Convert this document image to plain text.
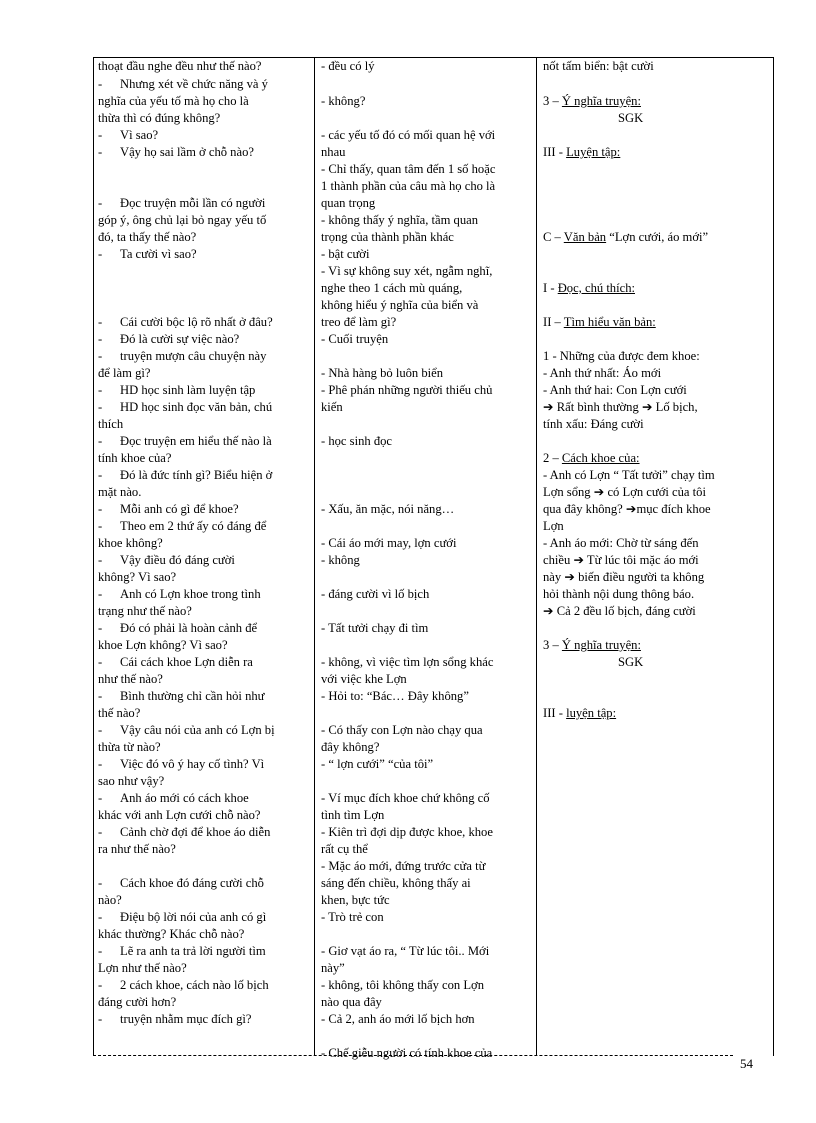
thoạt đầu nghe đều như thế nào?
- Nhưng xét về chức năng và ý
nghĩa của yếu tố mà họ cho là
thừa thì có đúng không?
- Vì sao?
- Vậy họ sai lầm ở chỗ nào?
- Đọc truyện mỗi lần có người
góp ý, ông chủ lại bỏ ngay yếu tố
đó, ta thấy thế nào?
- Ta cười vì sao?
- Cái cười bộc lộ rõ nhất ở đâu?
- Đó là cười sự việc nào?
- truyện mượn câu chuyện này
để làm gì?
- HD học sinh làm luyện tập
- HD học sinh đọc văn bản, chú
thích
- Đọc truyện em hiểu thế nào là
tính khoe của?
- Đó là đức tính gì? Biểu hiện ở
mặt nào.
- Mỗi anh có gì để khoe?
- Theo em 2 thứ ấy có đáng để
khoe không?
- Vậy điều đó đáng cười
không? Vì sao?
- Anh có Lợn khoe trong tình
trạng như thế nào?
- Đó có phải là hoàn cảnh để
khoe Lợn không? Vì sao?
- Cái cách khoe Lợn diễn ra
như thế nào?
- Bình thường chỉ cần hỏi như
thế nào?
- Vậy câu nói của anh có Lợn bị
thừa từ nào?
- Việc đó vô ý hay cố tình? Vì
sao như vậy?
- Anh áo mới có cách khoe
khác với anh Lợn cưới chỗ nào?
- Cảnh chờ đợi để khoe áo diễn
ra như thế nào?
- Cách khoe đó đáng cười chỗ
nào?
- Điệu bộ lời nói của anh có gì
khác thường? Khác chỗ nào?
- Lẽ ra anh ta trả lời người tìm
Lợn như thế nào?
- 2 cách khoe, cách nào lố bịch
đáng cười hơn?
- truyện nhằm mục đích gì?
- đều có lý
- không?
- các yếu tố đó có mối quan hệ với
nhau
- Chỉ thấy, quan tâm đến 1 số hoặc
1 thành phần của câu mà họ cho là
quan trọng
- không thấy ý nghĩa, tầm quan
trọng của thành phần khác
- bật cười
- Vì sự không suy xét, ngẫm nghĩ,
nghe theo 1 cách mù quáng,
không hiểu ý nghĩa của biển và
treo để làm gì?
- Cuối truyện
- Nhà hàng bỏ luôn biển
- Phê phán những người thiếu chủ
kiến
- học sinh đọc
- Xấu, ăn mặc, nói năng…
- Cái áo mới may, lợn cưới
- không
- đáng cười vì lố bịch
- Tất tưởi chạy đi tìm
- không, vì việc tìm lợn sổng khác
với việc khe Lợn
- Hỏi to: “Bác… Đây không”
- Có thấy con Lợn nào chạy qua
đây không?
- “ lợn cưới” “của tôi”
- Ví mục đích khoe chứ không cố
tình tìm Lợn
- Kiên trì đợi dịp được khoe, khoe
rất cụ thể
- Mặc áo mới, đứng trước cửa từ
sáng đến chiều, không thấy ai
khen, bực tức
- Trò trẻ con
- Giơ vạt áo ra, “ Từ lúc tôi.. Mới
này”
- không, tôi không thấy con Lợn
nào qua đây
- Cả 2, anh áo mới lố bịch hơn
- Chế giễu người có tính khoe của
nốt tấm biển: bật cười
3 – Ý nghĩa truyện:
SGK
III - Luyện tập:
C – Văn bản “Lợn cưới, áo mới”
I - Đọc, chú thích:
II – Tìm hiểu văn bản:
1 - Những của được đem khoe:
- Anh thứ nhất: Áo mới
- Anh thứ hai: Con Lợn cưới
➔ Rất bình thường ➔ Lố bịch,
tính xấu: Đáng cười
2 – Cách khoe của:
- Anh có Lợn “ Tất tưởi” chạy tìm
Lợn sổng ➔ có Lợn cưới của tôi
qua đây không? ➔mục đích khoe
Lợn
- Anh áo mới: Chờ từ sáng đến
chiều ➔ Từ lúc tôi mặc áo mới
này ➔ biến điều người ta không
hỏi thành nội dung thông báo.
➔ Cả 2 đều lố bịch, đáng cười
3 – Ý nghĩa truyện:
SGK
III - luyện tập:
54
